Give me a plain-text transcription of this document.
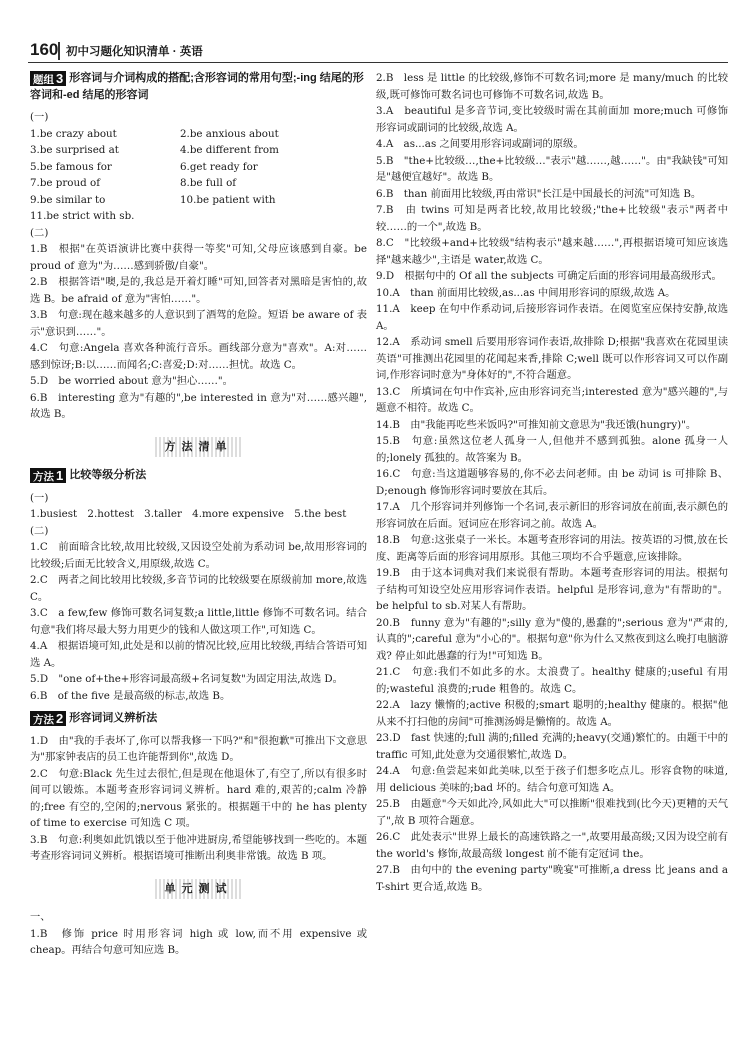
160 初中习题化知识清单 · 英语

题组 3 形容词与介词构成的搭配;含形容词的常用句型;-ing 结尾的形容词和-ed 结尾的形容词

(一)

1.be crazy about	2.be anxious about

3.be surprised at	4.be different from

5.be famous for	6.get ready for

7.be proud of	8.be full of

9.be similar to	10.be patient with

11.be strict with sb.

(二)

1.B　根据"在英语演讲比赛中获得一等奖"可知,父母应该感到自豪。be proud of 意为"为……感到骄傲/自豪"。

2.B　根据答语"噢,是的,我总是开着灯睡"可知,回答者对黑暗是害怕的,故选 B。be afraid of 意为"害怕……"。

3.B　句意:现在越来越多的人意识到了酒驾的危险。短语 be aware of 表示"意识到……"。

4.C　句意:Angela 喜欢各种流行音乐。画线部分意为"喜欢"。A:对……感到惊讶;B:以……而闻名;C:喜爱;D:对……担忧。故选 C。

5.D　be worried about 意为"担心……"。

6.B　interesting 意为"有趣的",be interested in 意为"对……感兴趣",故选 B。

方法清单

方法 1 比较等级分析法

(一)

1.busiest　2.hottest　3.taller　4.more expensive　5.the best

(二)

1.C　前面暗含比较,故用比较级,又因设空处前为系动词 be,故用形容词的比较级;后面无比较含义,用原级,故选 C。

2.C　两者之间比较用比较级,多音节词的比较级要在原级前加 more,故选 C。

3.C　a few,few 修饰可数名词复数;a little,little 修饰不可数名词。结合句意"我们将尽最大努力用更少的钱和人做这项工作",可知选 C。

4.A　根据语境可知,此处是和以前的情况比较,应用比较级,再结合答语可知选 A。

5.D　"one of+the+形容词最高级+名词复数"为固定用法,故选 D。

6.B　of the five 是最高级的标志,故选 B。

方法 2 形容词词义辨析法

1.D　由"我的手表坏了,你可以帮我修一下吗?"和"很抱歉"可推出下文意思为"那家钟表店的员工也许能帮到你",故选 D。

2.C　句意:Black 先生过去很忙,但是现在他退休了,有空了,所以有很多时间可以锻炼。本题考查形容词词义辨析。hard 难的,艰苦的;calm 冷静的;free 有空的,空闲的;nervous 紧张的。根据题干中的 he has plenty of time to exercise 可知选 C 项。

3.B　句意:利奥如此饥饿以至于他冲进厨房,希望能够找到一些吃的。本题考查形容词词义辨析。根据语境可推断出利奥非常饿。故选 B 项。

单元测试

一、

1.B　修饰 price 时用形容词 high 或 low,而不用 expensive 或 cheap。再结合句意可知应选 B。

2.B　less 是 little 的比较级,修饰不可数名词;more 是 many/much 的比较级,既可修饰可数名词也可修饰不可数名词,故选 B。

3.A　beautiful 是多音节词,变比较级时需在其前面加 more;much 可修饰形容词或副词的比较级,故选 A。

4.A　as...as 之间要用形容词或副词的原级。

5.B　"the+比较级…,the+比较级…"表示"越……,越……"。由"我缺钱"可知是"越便宜越好"。故选 B。

6.B　than 前面用比较级,再由常识"长江是中国最长的河流"可知选 B。

7.B　由 twins 可知是两者比较,故用比较级;"the+比较级"表示"两者中较……的一个",故选 B。

8.C　"比较级+and+比较级"结构表示"越来越……",再根据语境可知应该选择"越来越少",主语是 water,故选 C。

9.D　根据句中的 Of all the subjects 可确定后面的形容词用最高级形式。

10.A　than 前面用比较级,as...as 中间用形容词的原级,故选 A。

11.A　keep 在句中作系动词,后接形容词作表语。在阅览室应保持安静,故选 A。

12.A　系动词 smell 后要用形容词作表语,故排除 D;根据"我喜欢在花园里读英语"可推测出花园里的花闻起来香,排除 C;well 既可以作形容词又可以作副词,作形容词时意为"身体好的",不符合题意。

13.C　所填词在句中作宾补,应由形容词充当;interested 意为"感兴趣的",与题意不相符。故选 C。

14.B　由"我能再吃些米饭吗?"可推知前文意思为"我还饿(hungry)"。

15.B　句意:虽然这位老人孤身一人,但他并不感到孤独。alone 孤身一人的;lonely 孤独的。故答案为 B。

16.C　句意:当这道题够容易的,你不必去问老师。由 be 动词 is 可排除 B、D;enough 修饰形容词时要放在其后。

17.A　几个形容词并列修饰一个名词,表示新旧的形容词放在前面,表示颜色的形容词放在后面。冠词应在形容词之前。故选 A。

18.B　句意:这张桌子一米长。本题考查形容词的用法。按英语的习惯,放在长度、距离等后面的形容词用原形。其他三项均不合乎题意,应该排除。

19.B　由于这本词典对我们来说很有帮助。本题考查形容词的用法。根据句子结构可知设空处应用形容词作表语。helpful 是形容词,意为"有帮助的"。be helpful to sb.对某人有帮助。

20.B　funny 意为"有趣的";silly 意为"傻的,愚蠢的";serious 意为"严肃的,认真的";careful 意为"小心的"。根据句意"你为什么又熬夜到这么晚打电脑游戏? 停止如此愚蠢的行为!"可知选 B。

21.C　句意:我们不如此多的水。太浪费了。healthy 健康的;useful 有用的;wasteful 浪费的;rude 粗鲁的。故选 C。

22.A　lazy 懒惰的;active 积极的;smart 聪明的;healthy 健康的。根据"他从来不打扫他的房间"可推测汤姆是懒惰的。故选 A。

23.D　fast 快速的;full 满的;filled 充满的;heavy(交通)繁忙的。由题干中的 traffic 可知,此处意为交通很繁忙,故选 D。

24.A　句意:鱼尝起来如此美味,以至于孩子们想多吃点儿。形容食物的味道,用 delicious 美味的;bad 坏的。结合句意可知选 A。

25.B　由题意"今天如此冷,风如此大"可以推断"很难找到(比今天)更糟的天气了",故 B 项符合题意。

26.C　此处表示"世界上最长的高速铁路之一",故要用最高级;又因为设空前有 the world's 修饰,故最高级 longest 前不能有定冠词 the。

27.B　由句中的 the evening party"晚宴"可推断,a dress 比 jeans and a T-shirt 更合适,故选 B。
